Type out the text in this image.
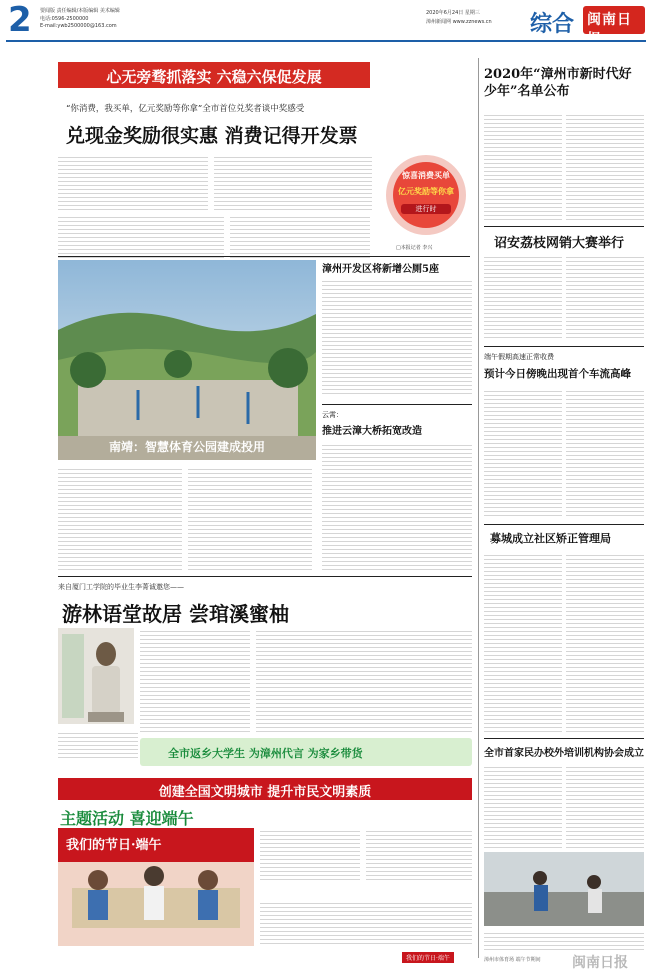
2 要闻版 责任编辑/本版编辑 美术编辑
电话:0596-2500000
E-mail:ywb2500000@163.com
2020年6月24日 星期三
漳州新闻网 www.zznews.cn 综合 闽南日报
心无旁骛抓落实 六稳六保促发展
“你消费，我买单，亿元奖励等你拿”全市首位兑奖者谈中奖感受
兑现金奖励很实惠 消费记得开发票
惊喜消费买单
亿元奖励等你拿
进行时
□本报记者 李兴
南靖：智慧体育公园建成投用
漳州开发区将新增公厕5座
云霄：
推进云漳大桥拓宽改造
来自厦门工学院的毕业生李菁诚邀您——
游林语堂故居 尝琯溪蜜柚
全市返乡大学生 为漳州代言 为家乡带货
创建全国文明城市 提升市民文明素质
主题活动 喜迎端午
我们的节日·端午
我们的节日·端午
2020年“漳州市新时代好少年”名单公布
诏安荔枝网销大赛举行
端午假期高速正常收费
预计今日傍晚出现首个车流高峰
募城成立社区矫正管理局
全市首家民办校外培训机构协会成立
漳州市体育场 端午节期间 闽南日报
